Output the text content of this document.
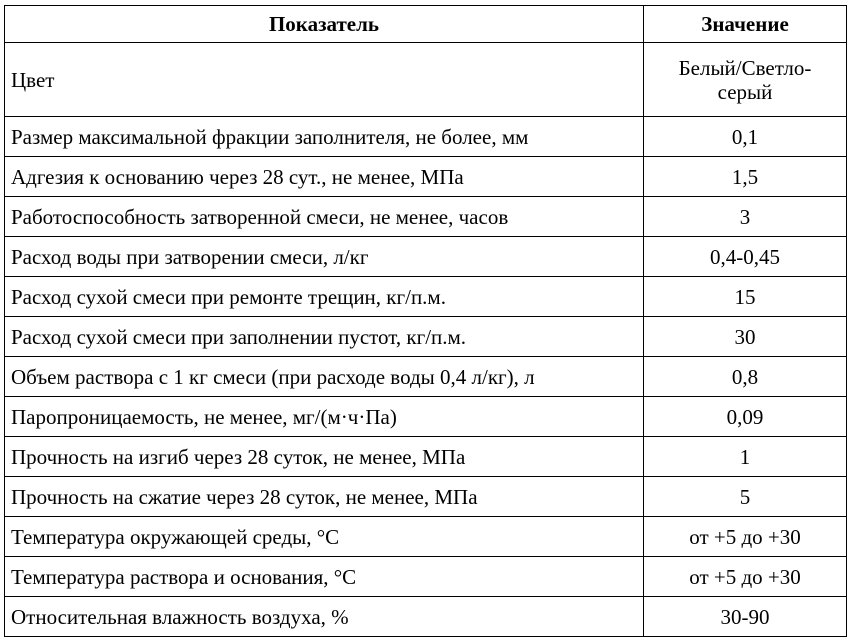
Показатель	Значение
Цвет	Белый/Светло-серый
Размер максимальной фракции заполнителя, не более, мм	0,1
Адгезия к основанию через 28 сут., не менее, МПа	1,5
Работоспособность затворенной смеси, не менее, часов	3
Расход воды при затворении смеси, л/кг	0,4-0,45
Расход сухой смеси при ремонте трещин, кг/п.м.	15
Расход сухой смеси при заполнении пустот, кг/п.м.	30
Объем раствора с 1 кг смеси (при расходе воды 0,4 л/кг), л	0,8
Паропроницаемость, не менее, мг/(м·ч·Па)	0,09
Прочность на изгиб через 28 суток, не менее, МПа	1
Прочность на сжатие через 28 суток, не менее, МПа	5
Температура окружающей среды, °С	от +5 до +30
Температура раствора и основания, °С	от +5 до +30
Относительная влажность воздуха, %	30-90
